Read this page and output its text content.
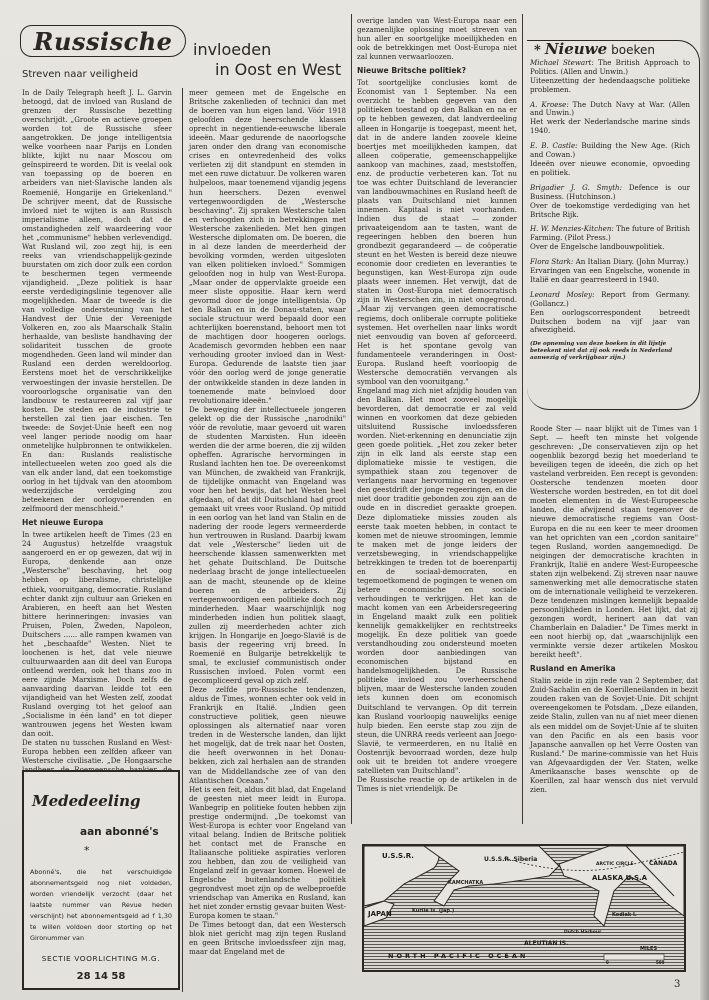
Russische invloeden
in Oost en West
Streven naar veiligheid

In de Daily Telegraph heeft J. L. Garvin betoogd, dat de invloed van Rusland de grenzen der Russische bezetting overschrijdt. „Groote en actieve groepen worden tot de Russische sfeer aangetrokken. De jonge intelligentsia welke voorheen naar Parijs en Londen blikte, kijkt nu naar Moscou om geïnspireerd te worden. Dit is veelal ook van toepassing op de boeren en arbeiders van niet-Slavische landen als Roemenië, Hongarije en Griekenland." De schrijver meent, dat de Russische invloed niet te wijten is aan Russisch imperialisme alleen, doch dat de omstandigheden zelf waardeering voor het „communisme" hebben verlevendigd. Wat Rusland wil, zoo zegt hij, is een reeks van vriendschappelijk-gezinde buurstaten om zich door zulk een cordon te beschermen tegen vermeende vijandigheid. „Deze politiek is haar eerste verdedigingslinie tegenover alle mogelijkheden. Maar de tweede is die van volledige ondersteuning van het Handvest der Unie der Vereenigde Volkeren en, zoo als Maarschalk Stalin herhaalde, van besliste handhaving der solidariteit tusschen de groote mogendheden. Geen land wil minder dan Rusland een derden wereldoorlog. Eerstens moet het de verschrikkelijke verwoestingen der invasie herstellen. De vooroorlogsche organisatie van den landbouw te restaureeren zal vijf jaar kosten. De steden en de industrie te herstellen zal tien jaar eischen. Ten tweede: de Sovjet-Unie heeft een nog veel langer periode noodig om haar onmetelijke hulpbronnen te ontwikkelen. En dan: Ruslands realistische intellectueelen weten zoo goed als die van elk ander land, dat een toekomstige oorlog in het tijdvak van den atoombom wederzijdsche verdelging zou beteekenen der oorlogvoerenden en zelfmoord der menschheid."

Het nieuwe Europa

In twee artikelen heeft de Times (23 en 24 Augustus) hetzelfde vraagstuk aangeroerd en er op gewezen, dat wij in Europa, denkende aan onze „Westersche" beschaving, het oog hebben op liberalisme, christelijke ethiek, vooruitgang, democratie. Rusland echter dankt zijn cultuur aan Grieken en Arabieren, en heeft aan het Westen bittere herinneringen: invasies van Pruisen, Polen, Zweden, Napoleon, Duitschers ...... alle rampen kwamen van het „beschaafde" Westen. Niet te loochenen is het, dat vele nieuwe cultuurwaarden aan dit deel van Europa ontleend werden, ook het thans zoo in eere zijnde Marxisme. Doch zelfs de aanvaarding daarvan leidde tot een vijandigheid van het Westen zelf, zoodat Rusland overging tot het geloof aan „Socialisme in één land" en tot dieper wantrouwen jegens het Westen kwam dan ooit.

De staten nu tusschen Rusland en West-Europa hebben een zelfden afkeer van Westersche civilisatie. „De Hongaarsche

meer gemeen met de Engelsche en Britsche zakenlieden of technici dan met de boeren van hun eigen land. Vóór 1918 geloofden deze heerschende klassen oprecht in negentiende-eeuwsche liberale ideeën. Maar gedurende de naoorlogsche jaren onder den drang van economische crises en ontevredenheid des volks verlieten zij dit standpunt en stemden in met een ruwe dictatuur. De volkeren waren hulpeloos, maar toenemend vijandig jegens hun heerschers. Dezen evenwel vertegenwoordigden de „Westersche beschaving". Zij spraken Westersche talen en verhoogden zich in betrekkingen met Westersche zakenlieden. Met hen gingen Westersche diplomaten om. De boeren, die in al deze landen de meerderheid der bevolking vormden, werden uitgesloten van elken politieken invloed." Sommigen geloofden nog in hulp van West-Europa. „Maar onder de oppervlakte groeide een meer sliste oppositie. Haar kern werd gevormd door de jonge intelligentsia. Op den Balkan en in de Donau-staten, waar sociale structuur werd bepaald door een achterlijken boerenstand, behoort men tot de machtigen door hoogeren oorlogs. Academisch gevormden hebben een naar verhouding grooter invloed dan in West-Europa. Gedurende de laatste tien jaar vóór den oorlog werd de jonge generatie der ontwikkelde standen in deze landen in toenemende mate beïnvloed door revolutionaire ideeën."

De beweging der intellectueele jongeren gelekt op die der Russische „narodniki" vóór de revolutie, maar gevoerd uit waren de studenten Marxisten. Hun ideeën werden die der arme boeren, die zij wilden opheffen. Agrarische hervormingen in Rusland lachten hen toe. De overeenkomst van München, de zwakheid van Frankrijk, de tijdelijke onmacht van Engeland was voor hen het bewijs, dat het Westen heel afgedaan, of dat dit Duitschland had groot gemaakt uit vrees voor Rusland. Op mitidd in een oorlog van het land van Stalin en de nadering der roode legers vermeerderde hun vertrouwen in Rusland. Daarbij kwam dat vele „Westersche" lieden uit de heerschende klassen samenwerkten met het gehate Duitschland. De Duitsche nederlaag bracht de jonge intellectueelen aan de macht, steunende op de kleine boeren en de arbeiders. Zij vertegenwoordigen een politieke doch nog minderheden. Maar waarschijnlijk nog minderheden indien hun politiek slaagt, zullen zij meerderheden achter zich krijgen. In Hongarije en Joego-Slavië is de basis der regeering vrij breed. In Roemenië en Bulgarije betrekkelijk te smal, te exclusief communistisch onder Russischen invloed. Polen vormt een gecompliceerd geval op zich zelf.

Deze zelfde pro-Russische tendenzen, aldus de Times, wonnen echter ook veld in Frankrijk en Italië. „Indien geen constructieve politiek, geen nieuwe oplossingen als alternatief naar voren treden in de Westersche landen, dan lijkt het mogelijk, dat de trek naar het Oosten, die heeft overwonnen in het Donau-bekken, zich zal herhalen aan de stranden van de Middellandsche zee of van den Atlantischen Oceaan."

Het is een feit, aldus dit blad, dat Engeland de geesten niet meer leidt in Europa. Wanbegrip en politieke fouten hebben zijn prestige ondermijnd. „De toekomst van West-Europa is echter voor Engeland van vitaal belang. Indien de Britsche politiek het contact met de Fransche en Italiaansche politieke aspiraties verloren zou hebben, dan zou de veiligheid van Engeland zelf in gevaar komen. Hoewel de Engelsche buitenlandsche politiek gegrondvest moet zijn op de welbeproefde vriendschap van Amerika en Rusland, kan het niet zonder ernstig gevaar buiten West-Europa komen te staan."

De Times betoogt dan, dat een Westersch blok niet gericht mag zijn tegen Rusland en geen Britsche invloedssfeer zijn mag, maar dat Engeland met de

overige landen van West-Europa naar een gezamenlijke oplossing moet streven van hun aller en soortgelijke moeilijkheden en ook de betrekkingen met Oost-Europa niet zal kunnen verwaarloozen.

Nieuwe Britsche politiek?

Tot soortgelijke conclusies komt de Economist van 1 September. Na een overzicht te hebben gegeven van den politieken toestand op den Balkan en na er op te hebben gewezen, dat landverdeeling alleen in Hongarije is toegepast, meent het, dat in de andere landen zoovele kleine boertjes met moeilijkheden kampen, dat alleen coöperatie, gemeenschappelijke aankoop van machines, zaad, meststoffen, enz. de productie verbeteren kan. Tot nu toe was echter Duitschland de leverancier van landbouwmachines en Rusland heeft de plaats van Duitschland niet kunnen innemen. Kapitaal is niet voorhanden. Indien dus de staat — zonder privaateigendom aan te tasten, want de regeeringen hebben den boeren hun grondbezit gegarandeerd — de coöperatie steunt en het Westen is bereid deze nieuwe economie door credieten en leveranties te begunstigen, kan West-Europa zijn oude plaats weer innemen. Het verwijt, dat de staten in Oost-Europa niet democratisch zijn in Westerschen zin, in niet ongegrond. „Maar zij vervangen geen democratische regiems, doch onliberale corrupte politieke systemen. Het overhellen naar links wordt niet eenvoudig van boven af geforceerd. Het is het spontane gevolg van fundamenteele veranderingen in Oost-Europa. Rusland heeft voorloopig de Westersche democratiën vervangen als symbool van den vooruitgang."

Engeland mag zich niet afzijdig houden van den Balkan. Het moet zooveel mogelijk bevorderen, dat democratie er zal veld winnen en voorkomen dat deze gebieden uitsluitend Russische invloedssferen worden. Niet-erkenning en denunciatie zijn geen goede politiek. „Het zou zeker beter zijn in elk land als eerste stap een diplomatieke missie te vestigen, die sympathiek staan zou tegenover de verlangens naar hervorming en tegenover den geestdrift der jonge regeeringen, en die niet door traditie gebonden zou zijn aan de oude en in discrediet geraakte groepen. Deze diplomatieke missies zouden als eerste taak moeten hebben, in contact te komen met de nieuwe stroomingen, lemmie te maken met de jonge leiders der verzetsbeweging, in vriendschappelijke betrekkingen te treden tot de boerenpartij en de sociaal-democraten, en tegemoetkomend de pogingen te wenen om betere economische en sociale verhoudingen te verkrijgen. Het kan de macht komen van een Arbeidersregeering in Engeland maakt zulk een politiek kennelijk gemakkelijker en rechtstreeks mogelijk. En deze politiek van goede verstandhouding zou ondersteund moeten worden door aanbiedingen van economischen bijstand en handelsmogelijkheden. De Russische politieke invloed zou 'overheerschend blijven, maar de Westersche landen zouden iets kunnen doen om economisch Duitschland te vervangen. Op dit terrein kan Rusland voorloopig nauwelijks eenige hulp bieden. Een eerste stap zou zijn de steun, die UNRRA reeds verleent aan Joego-Slavië, te vermeerderen, en nu Italië en Oostenrijk bevoorraad worden, deze hulp ook uit te breiden tot andere vroegere satellieten van Duitschland".

De Russische reactie op de artikelen in de Times is niet vriendelijk. De

* Nieuwe boeken
Michael Stewart: The British Approach to Politics. (Allen and Unwin.)
Uiteenzetting der hedendaagsche politieke problemen.
A. Kroese: The Dutch Navy at War. (Allen and Unwin.)
Het werk der Nederlandsche marine sinds 1940.
E. B. Castle: Building the New Age. (Rich and Cowan.)
Ideeën over nieuwe economie, opvoeding en politiek.
Brigadier J. G. Smyth: Defence is our Business. (Hutchinson.)
Over de toekomstige verdediging van het Britsche Rijk.
H. W. Menzies-Kitchen: The future of British Farming. (Pilot Press.)
Over de Engelsche landbouwpolitiek.
Flora Stark: An Italian Diary. (John Murray.)
Ervaringen van een Engelsche, wonende in Italië en daar gearresteerd in 1940.
Leonard Mosley: Report from Germany. (Gollancz.)
Een oorlogscorrespondent betreedt Duitschen bodem na vijf jaar van afwezigheid.
(De opneming van deze boeken in dit lijstje beteekent niet dat zij ook reeds in Nederland aanwezig of verkrijgbaar zijn.)

Roode Ster — naar blijkt uit de Times van 1 Sept. — heeft ten minste het volgende geschreven: „De conservatieven zijn op het oogenblik bezorgd bezig het moederland te beveiligen tegen de ideeën, die zich op het vasteland verbreiden. Een recept is gevonden: Oostersche tendenzen moeten door Westersche worden bestreden, en tot dit doel moeten elementen in de West-Europeesche landen, die afwijzend staan tegenover de nieuwe democratische regiems van Oost-Europa en die nu een keer te meer droomen van het oprichten van een „cordon sanitaire" tegen Rusland, worden aangemoedigd. De neigingen der democratische krachten in Frankrijk, Italië en andere West-Europeesche staten zijn welbekend. Zij streven naar nauwe samenwerking met alle democratische staten om de internationale veiligheid te verzekeren. Deze tendenzen mislingen kennelijk bepaalde persoonlijkheden in Londen. Het lijkt, dat zij gezongen wordt, herinert aan dat van Chamberlain en Daladier." De Times merkt in een noot hierbij op, dat „waarschijnlijk een verminkte versie dezer artikelen Moskou bereikt heeft".

Rusland en Amerika

Stalin zeide in zijn rede van 2 September, dat Zuid-Sachalin en de Koerilleneilanden in bezit zouden raken van de Sovjet-Unie. Dit schijnt overeengekomen te Potsdam. „Deze eilanden, zeide Stalin, zullen van nu af niet meer dienen als een middel om de Sovjet-Unie af te sluiten van den Pacific en als een basis voor Japansche aanvallen op het Verre Oosten van Rusland." De marine-commissie van het Huis van Afgevaardigden der Ver. Staten, welke Amerikaansche bases wenschte op de Koerillen, zal haar wensch dus niet vervuld zien.

Mededeeling
aan abonné's
*
Abonné's, die het verschuldigde abonnementsgeld nog niet voldeden, worden vriendelijk verzocht (daar het laatste nummer van Revue heden verschijnt) het abonnementsgeld ad f 1,30 te willen voldoen door storting op het Gironummer van
SECTIE VOORLICHTING M.G.
28 14 58
U.S.S.R.	U.S.S.R. Siberia
JAPAN	Kurile Is. (Jap.)
KAMCHATKA
ALASKA U.S.A
CANADA
ARCTIC CIRCLE
Kodiak I.
ALEUTIAN IS.
Dutch Harbour
NORTH PACIFIC OCEAN
MILES
0	500
3
